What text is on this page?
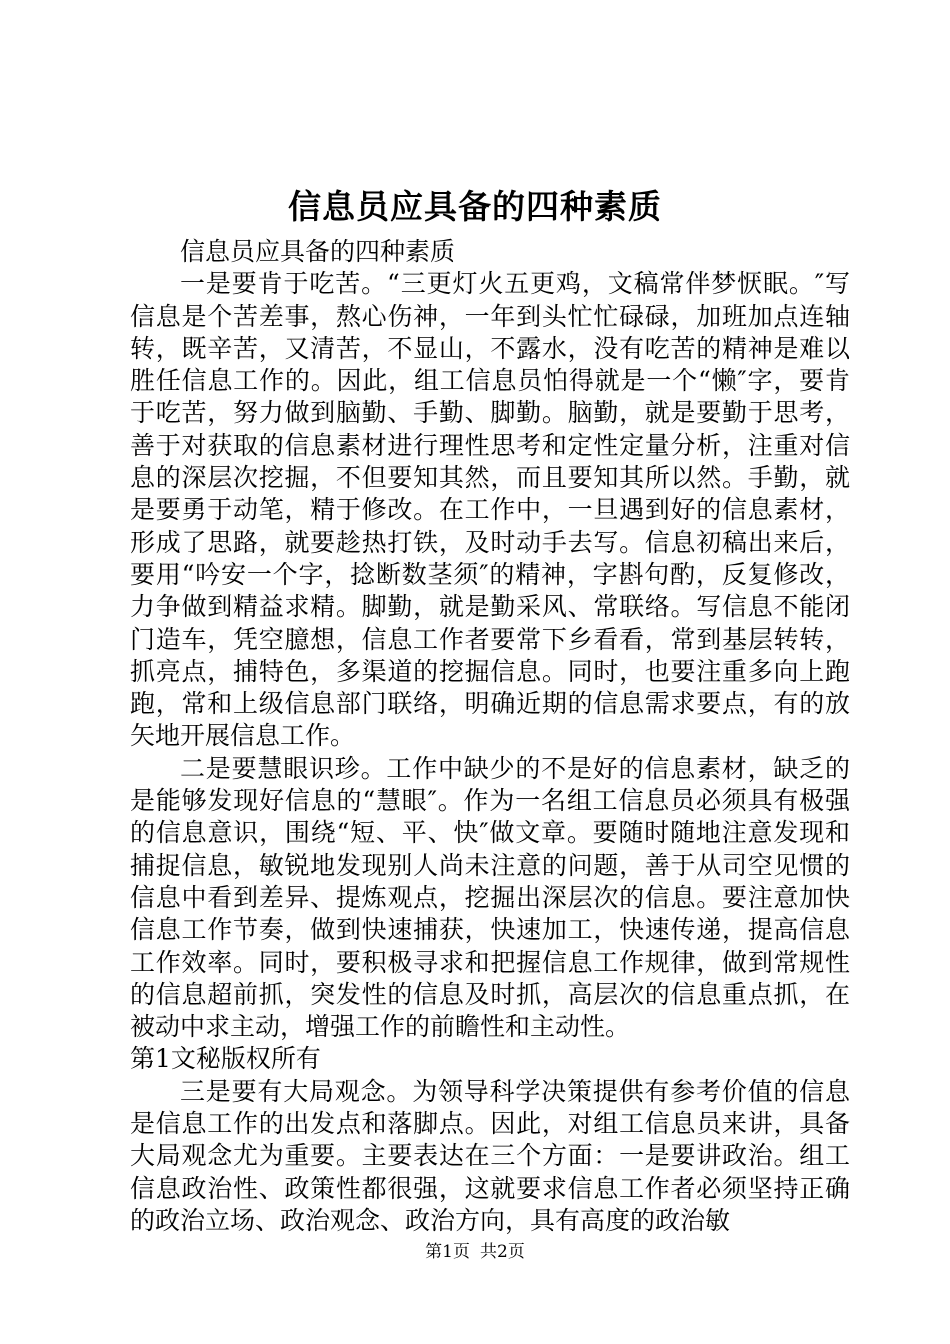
信息员应具备的四种素质

信息员应具备的四种素质

一是要肯于吃苦。“三更灯火五更鸡，文稿常伴梦恹眠。″写信息是个苦差事，熬心伤神，一年到头忙忙碌碌，加班加点连轴转，既辛苦，又清苦，不显山，不露水，没有吃苦的精神是难以胜任信息工作的。因此，组工信息员怕得就是一个“懒″字，要肯于吃苦，努力做到脑勤、手勤、脚勤。脑勤，就是要勤于思考，善于对获取的信息素材进行理性思考和定性定量分析，注重对信息的深层次挖掘，不但要知其然，而且要知其所以然。手勤，就是要勇于动笔，精于修改。在工作中，一旦遇到好的信息素材，形成了思路，就要趁热打铁，及时动手去写。信息初稿出来后，要用“吟安一个字，捻断数茎须″的精神，字斟句酌，反复修改，力争做到精益求精。脚勤，就是勤采风、常联络。写信息不能闭门造车，凭空臆想，信息工作者要常下乡看看，常到基层转转，抓亮点，捕特色，多渠道的挖掘信息。同时，也要注重多向上跑跑，常和上级信息部门联络，明确近期的信息需求要点，有的放矢地开展信息工作。

二是要慧眼识珍。工作中缺少的不是好的信息素材，缺乏的是能够发现好信息的“慧眼″。作为一名组工信息员必须具有极强的信息意识，围绕“短、平、快″做文章。要随时随地注意发现和捕捉信息，敏锐地发现别人尚未注意的问题，善于从司空见惯的信息中看到差异、提炼观点，挖掘出深层次的信息。要注意加快信息工作节奏，做到快速捕获，快速加工，快速传递，提高信息工作效率。同时，要积极寻求和把握信息工作规律，做到常规性的信息超前抓，突发性的信息及时抓，高层次的信息重点抓，在被动中求主动，增强工作的前瞻性和主动性。

第1文秘版权所有

三是要有大局观念。为领导科学决策提供有参考价值的信息是信息工作的出发点和落脚点。因此，对组工信息员来讲，具备大局观念尤为重要。主要表达在三个方面：一是要讲政治。组工信息政治性、政策性都很强，这就要求信息工作者必须坚持正确的政治立场、政治观念、政治方向，具有高度的政治敏

第1页 共2页
